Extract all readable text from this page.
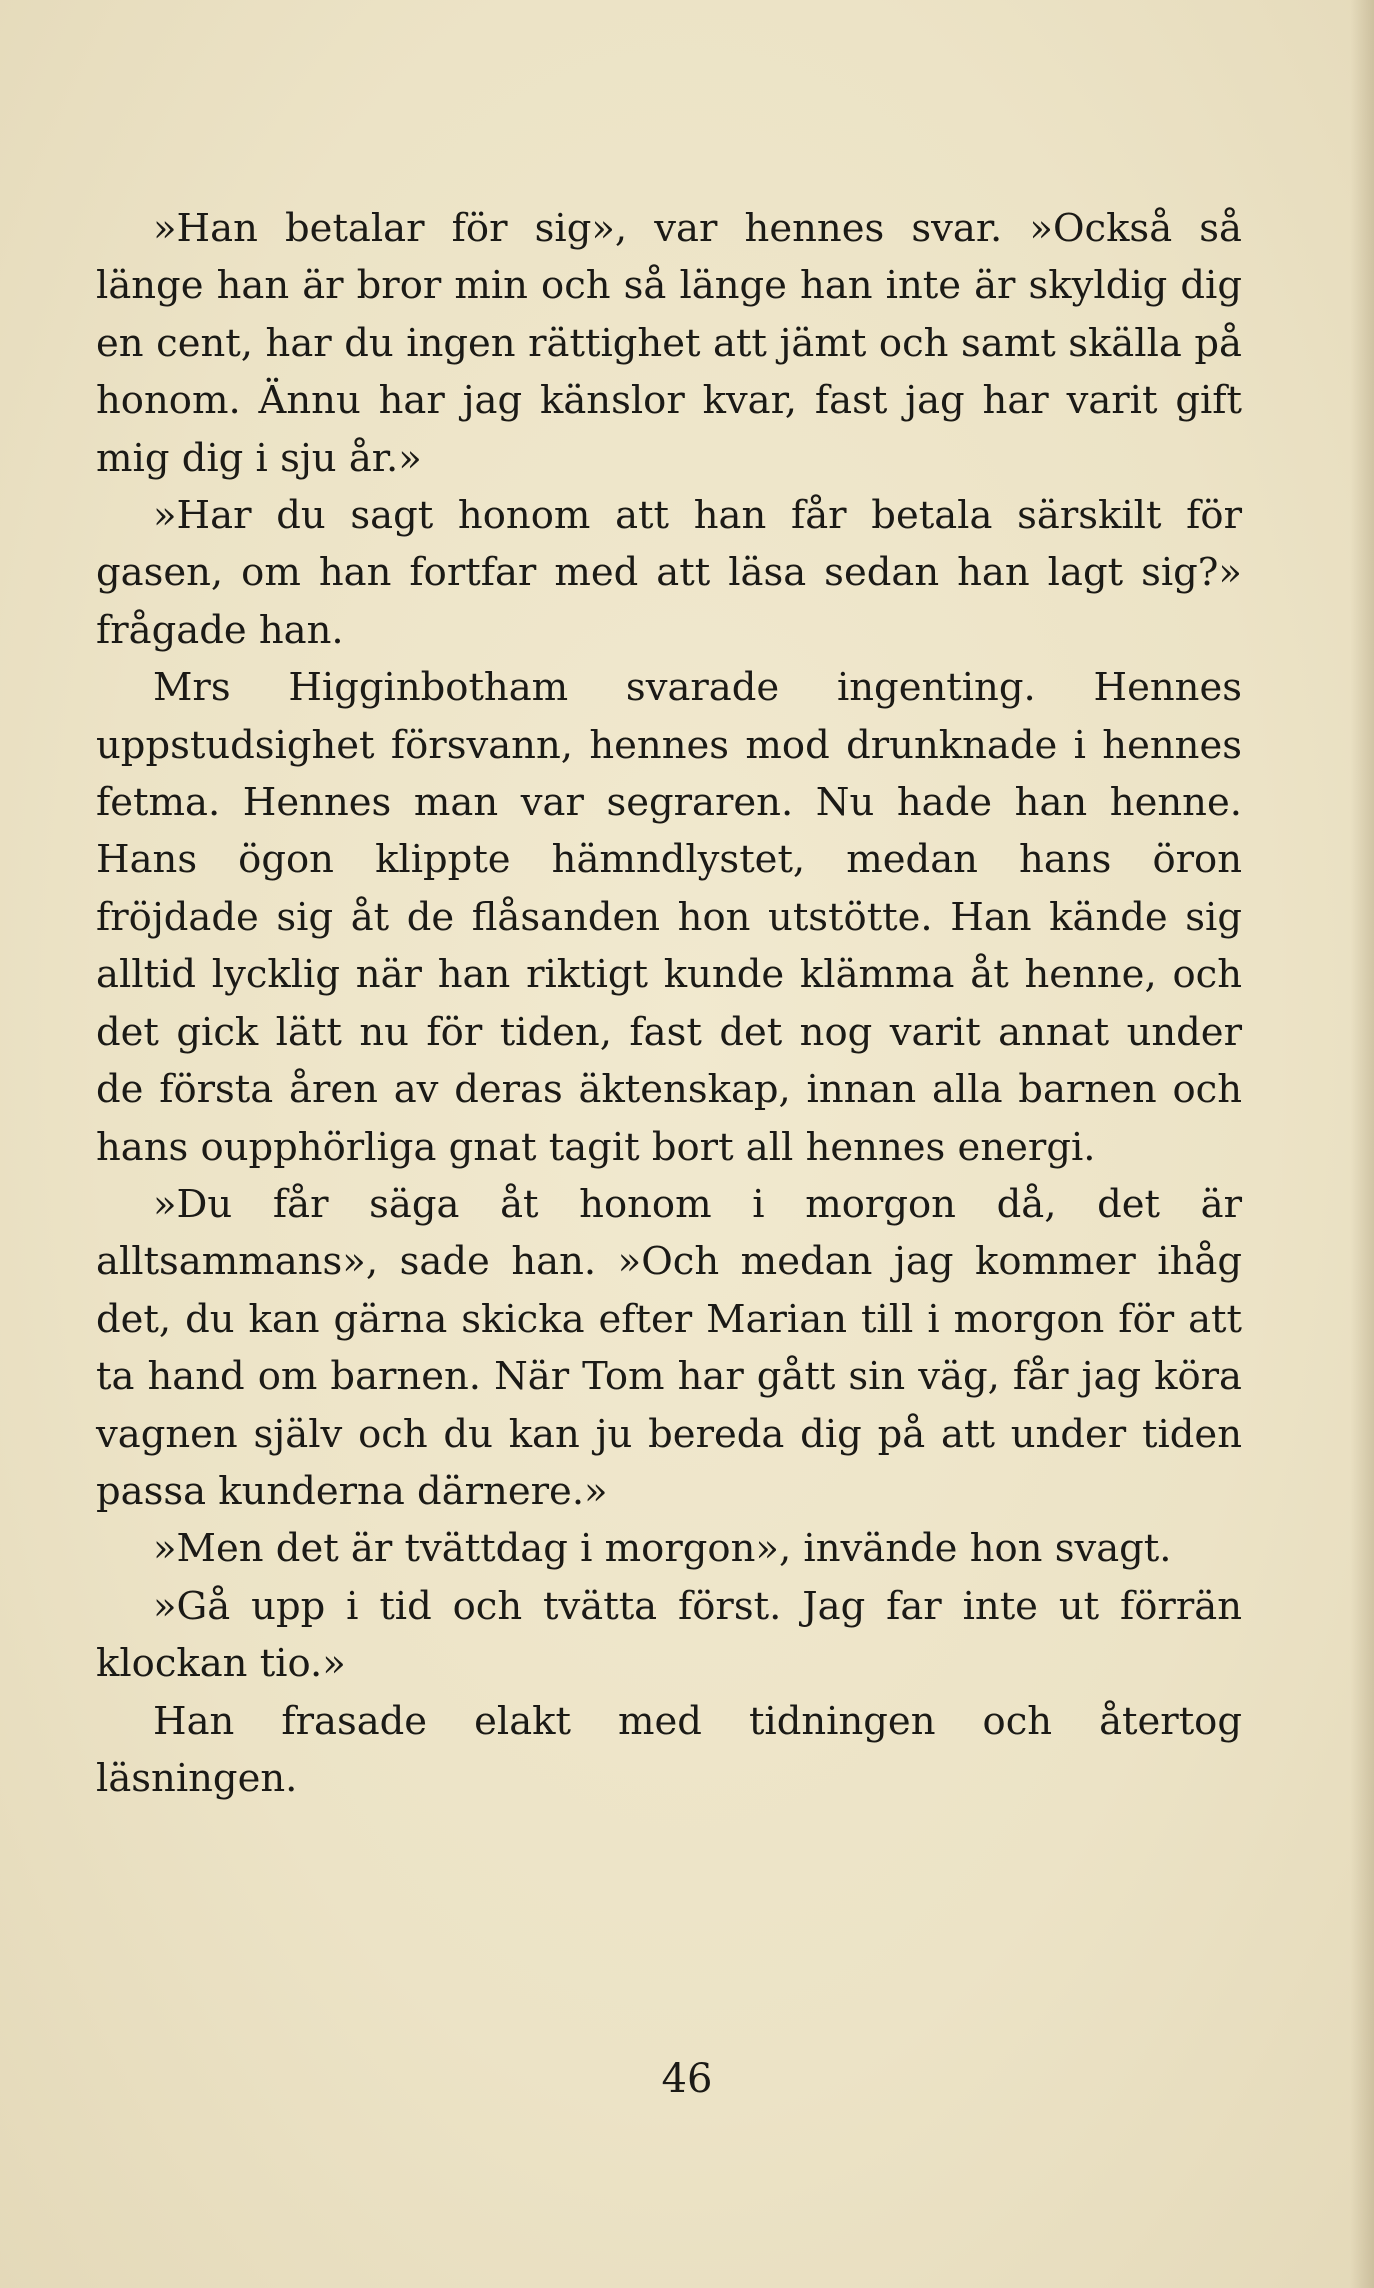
»Han betalar för sig», var hennes svar. »Också så länge han är bror min och så länge han inte är skyldig dig en cent, har du ingen rättighet att jämt och samt skälla på honom. Ännu har jag känslor kvar, fast jag har varit gift mig dig i sju år.»

»Har du sagt honom att han får betala särskilt för gasen, om han fortfar med att läsa sedan han lagt sig?» frågade han.

Mrs Higginbotham svarade ingenting. Hennes uppstudsighet försvann, hennes mod drunknade i hennes fetma. Hennes man var segraren. Nu hade han henne. Hans ögon klippte hämndlystet, medan hans öron fröjdade sig åt de flåsanden hon utstötte. Han kände sig alltid lycklig när han riktigt kunde klämma åt henne, och det gick lätt nu för tiden, fast det nog varit annat under de första åren av deras äktenskap, innan alla barnen och hans oupphörliga gnat tagit bort all hennes energi.

»Du får säga åt honom i morgon då, det är alltsammans», sade han. »Och medan jag kommer ihåg det, du kan gärna skicka efter Marian till i morgon för att ta hand om barnen. När Tom har gått sin väg, får jag köra vagnen själv och du kan ju bereda dig på att under tiden passa kunderna därnere.»

»Men det är tvättdag i morgon», invände hon svagt.

»Gå upp i tid och tvätta först. Jag far inte ut förrän klockan tio.»

Han frasade elakt med tidningen och återtog läsningen.

46
